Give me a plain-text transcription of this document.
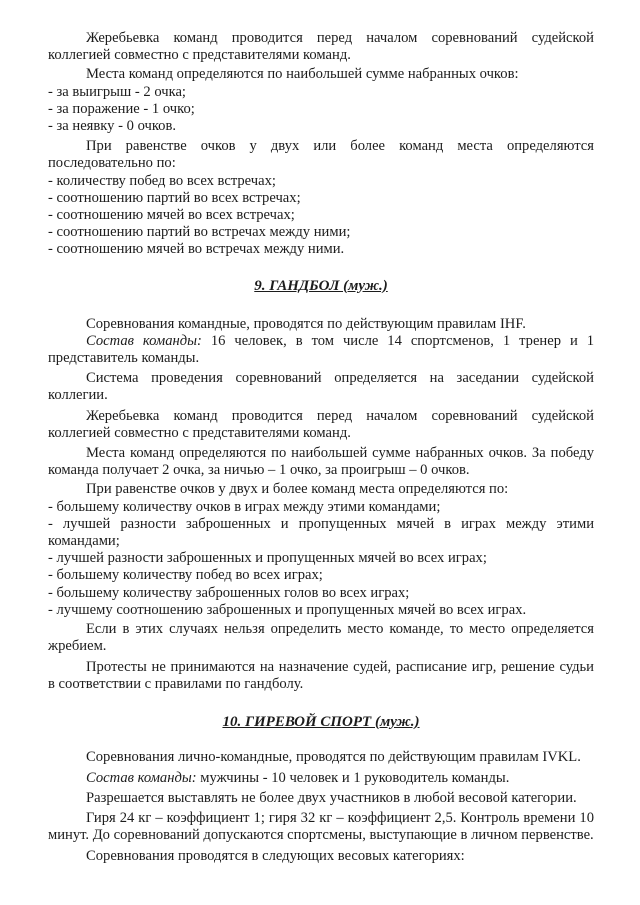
Жеребьевка команд проводится перед началом соревнований судейской коллегией совместно с представителями команд.

Места команд определяются по наибольшей сумме набранных очков:

- за выигрыш - 2 очка;

- за поражение - 1 очко;

- за неявку - 0 очков.

При равенстве очков у двух или более команд места определяются последовательно по:

- количеству побед во всех встречах;

- соотношению партий во всех встречах;

- соотношению мячей во всех встречах;

- соотношению партий во встречах между ними;

- соотношению мячей во встречах между ними.

9. ГАНДБОЛ (муж.)

Соревнования командные, проводятся по действующим правилам IHF.

Состав команды: 16 человек, в том числе 14 спортсменов, 1 тренер и 1 представитель команды.

Система проведения соревнований определяется на заседании судейской коллегии.

Жеребьевка команд проводится перед началом соревнований судейской коллегией совместно с представителями команд.

Места команд определяются по наибольшей сумме набранных очков. За победу команда получает 2 очка, за ничью – 1 очко, за проигрыш – 0 очков.

При равенстве очков у двух и более команд места определяются по:

- большему количеству очков в играх между этими командами;

- лучшей разности заброшенных и пропущенных мячей в играх между этими командами;

- лучшей разности заброшенных и пропущенных мячей во всех играх;

- большему количеству побед во всех играх;

- большему количеству заброшенных голов во всех играх;

- лучшему соотношению заброшенных и пропущенных мячей во всех играх.

Если в этих случаях нельзя определить место команде, то место определяется жребием.

Протесты не принимаются на назначение судей, расписание игр, решение судьи в соответствии с правилами по гандболу.

10. ГИРЕВОЙ СПОРТ (муж.)

Соревнования лично-командные, проводятся по действующим правилам IVKL.

Состав команды: мужчины - 10 человек и 1 руководитель команды.

Разрешается выставлять не более двух участников в любой весовой категории.

Гиря 24 кг – коэффициент 1; гиря 32 кг – коэффициент 2,5. Контроль времени 10 минут. До соревнований допускаются спортсмены, выступающие в личном первенстве.

Соревнования проводятся в следующих весовых категориях:
